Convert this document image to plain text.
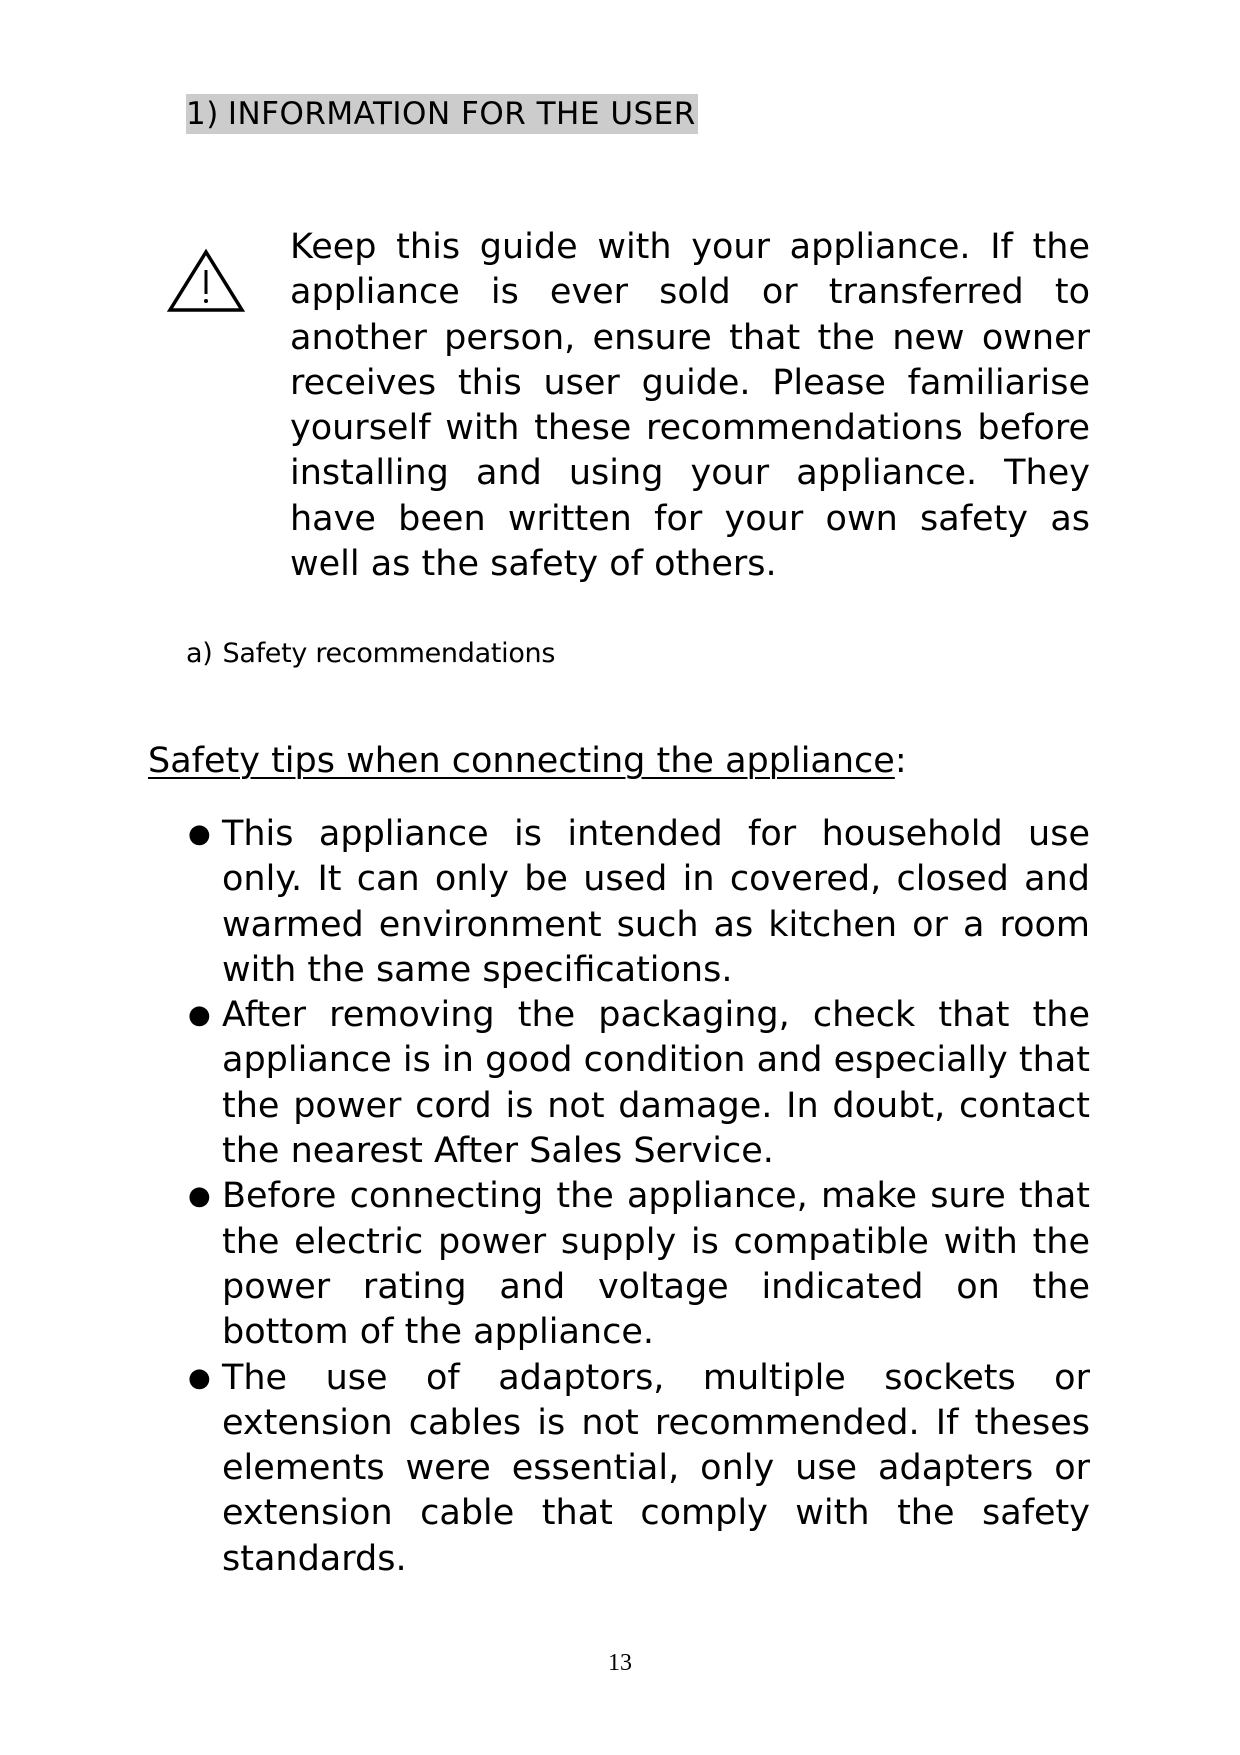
1) INFORMATION FOR THE USER

Keep this guide with your appliance. If the appliance is ever sold or transferred to another person, ensure that the new owner receives this user guide. Please familiarise yourself with these recommendations before installing and using your appliance. They have been written for your own safety as well as the safety of others.

a) Safety recommendations
Safety tips when connecting the appliance:
● This appliance is intended for household use only. It can only be used in covered, closed and warmed environment such as kitchen or a room with the same specifications.
● After removing the packaging, check that the appliance is in good condition and especially that the power cord is not damage. In doubt, contact the nearest After Sales Service.
● Before connecting the appliance, make sure that the electric power supply is compatible with the power rating and voltage indicated on the bottom of the appliance.
● The use of adaptors, multiple sockets or extension cables is not recommended. If theses elements were essential, only use adapters or extension cable that comply with the safety standards.
13
